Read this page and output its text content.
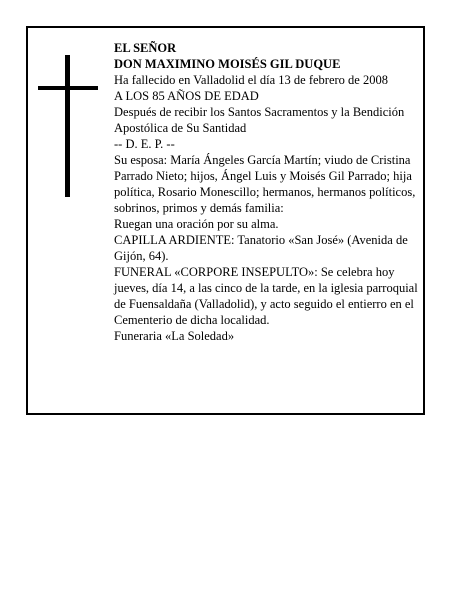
EL SEÑOR

DON MAXIMINO MOISÉS GIL DUQUE

Ha fallecido en Valladolid el día 13 de febrero de 2008

A LOS 85 AÑOS DE EDAD

Después de recibir los Santos Sacramentos y la Bendición Apostólica de Su Santidad

-- D. E. P. --

Su esposa: María Ángeles García Martín; viudo de Cristina Parrado Nieto; hijos, Ángel Luis y Moisés Gil Parrado; hija política, Rosario Monescillo; hermanos, hermanos políticos, sobrinos, primos y demás familia:

Ruegan una oración por su alma.

CAPILLA ARDIENTE: Tanatorio «San José» (Avenida de Gijón, 64).

FUNERAL «CORPORE INSEPULTO»: Se celebra hoy jueves, día 14, a las cinco de la tarde, en la iglesia parroquial de Fuensaldaña (Valladolid), y acto seguido el entierro en el Cementerio de dicha localidad.

Funeraria «La Soledad»
